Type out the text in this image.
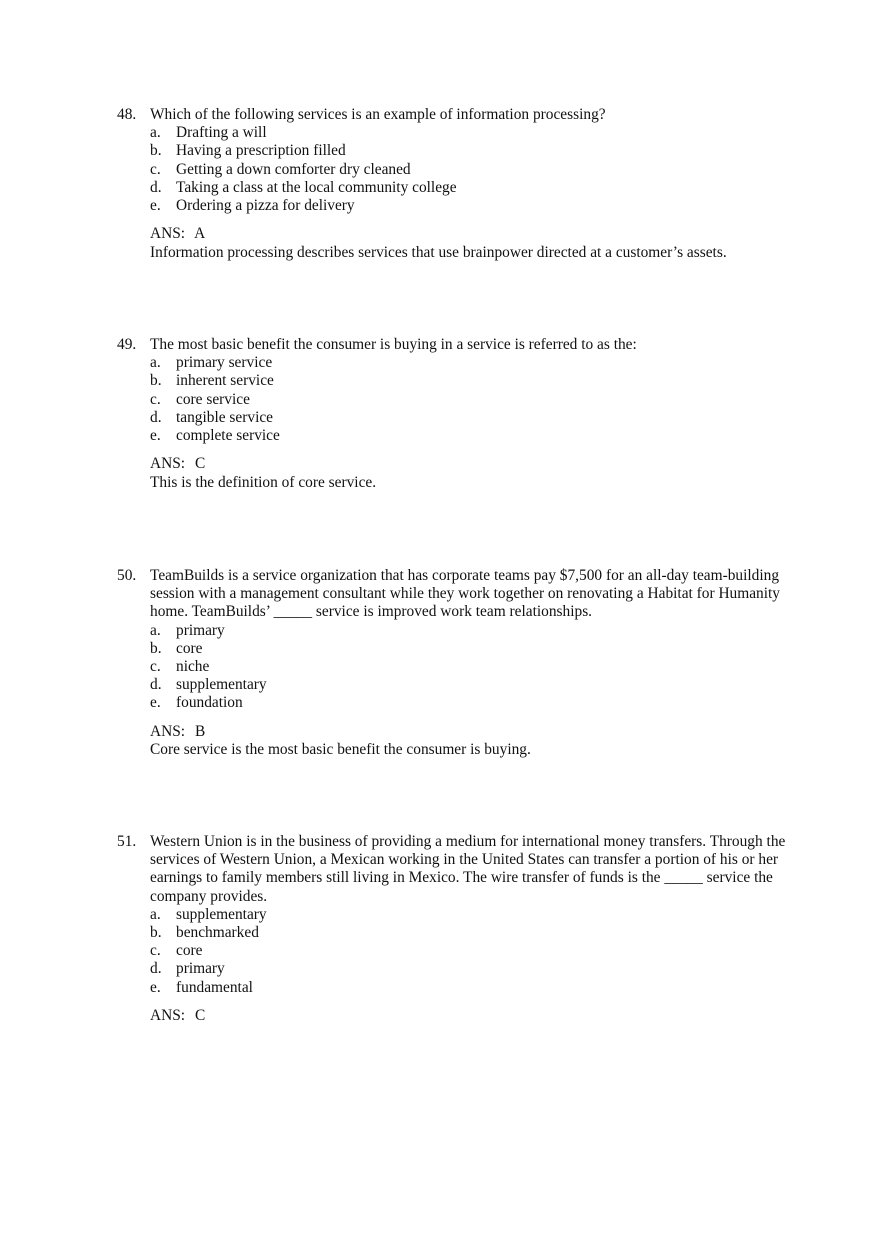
48. Which of the following services is an example of information processing?
a. Drafting a will
b. Having a prescription filled
c. Getting a down comforter dry cleaned
d. Taking a class at the local community college
e. Ordering a pizza for delivery
ANS: A
Information processing describes services that use brainpower directed at a customer’s assets.
49. The most basic benefit the consumer is buying in a service is referred to as the:
a. primary service
b. inherent service
c. core service
d. tangible service
e. complete service
ANS: C
This is the definition of core service.
50. TeamBuilds is a service organization that has corporate teams pay $7,500 for an all-day team-building session with a management consultant while they work together on renovating a Habitat for Humanity home. TeamBuilds’ _____ service is improved work team relationships.
a. primary
b. core
c. niche
d. supplementary
e. foundation
ANS: B
Core service is the most basic benefit the consumer is buying.
51. Western Union is in the business of providing a medium for international money transfers. Through the services of Western Union, a Mexican working in the United States can transfer a portion of his or her earnings to family members still living in Mexico. The wire transfer of funds is the _____ service the company provides.
a. supplementary
b. benchmarked
c. core
d. primary
e. fundamental
ANS: C
